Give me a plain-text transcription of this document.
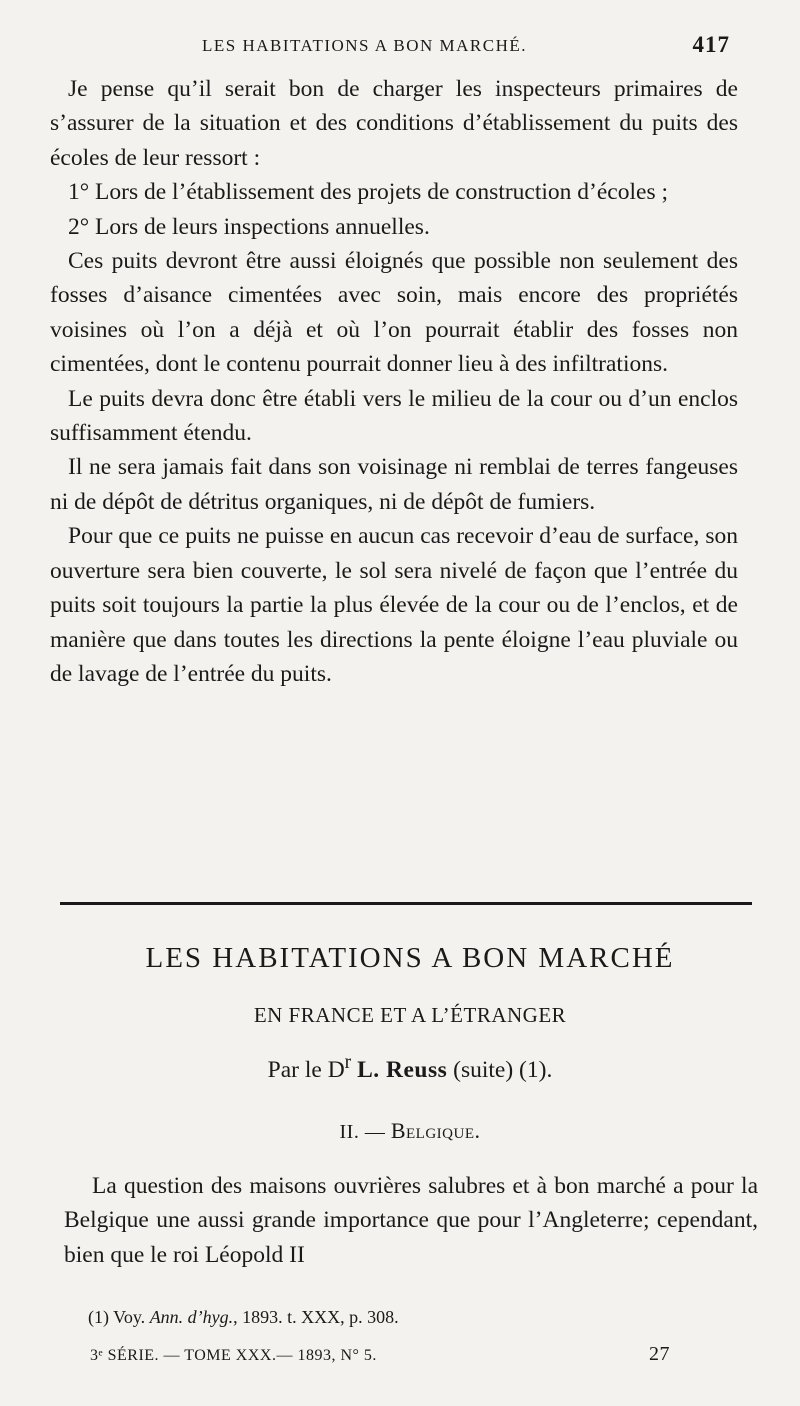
LES HABITATIONS A BON MARCHÉ.	417

Je pense qu’il serait bon de charger les inspecteurs primaires de s’assurer de la situation et des conditions d’établissement du puits des écoles de leur ressort :

1° Lors de l’établissement des projets de construction d’écoles ;

2° Lors de leurs inspections annuelles.

Ces puits devront être aussi éloignés que possible non seulement des fosses d’aisance cimentées avec soin, mais encore des propriétés voisines où l’on a déjà et où l’on pourrait établir des fosses non cimentées, dont le contenu pourrait donner lieu à des infiltrations.

Le puits devra donc être établi vers le milieu de la cour ou d’un enclos suffisamment étendu.

Il ne sera jamais fait dans son voisinage ni remblai de terres fangeuses ni de dépôt de détritus organiques, ni de dépôt de fumiers.

Pour que ce puits ne puisse en aucun cas recevoir d’eau de surface, son ouverture sera bien couverte, le sol sera nivelé de façon que l’entrée du puits soit toujours la partie la plus élevée de la cour ou de l’enclos, et de manière que dans toutes les directions la pente éloigne l’eau pluviale ou de lavage de l’entrée du puits.

LES HABITATIONS A BON MARCHÉ
EN FRANCE ET A L’ÉTRANGER
Par le $D^r$ L. Reuss (suite) (1).
II. — Belgique.

La question des maisons ouvrières salubres et à bon marché a pour la Belgique une aussi grande importance que pour l’Angleterre; cependant, bien que le roi Léopold II

(1) Voy. Ann. d’hyg., 1893. t. XXX, p. 308.
3ᵉ SÉRIE. — TOME XXX.— 1893, N° 5.	27
